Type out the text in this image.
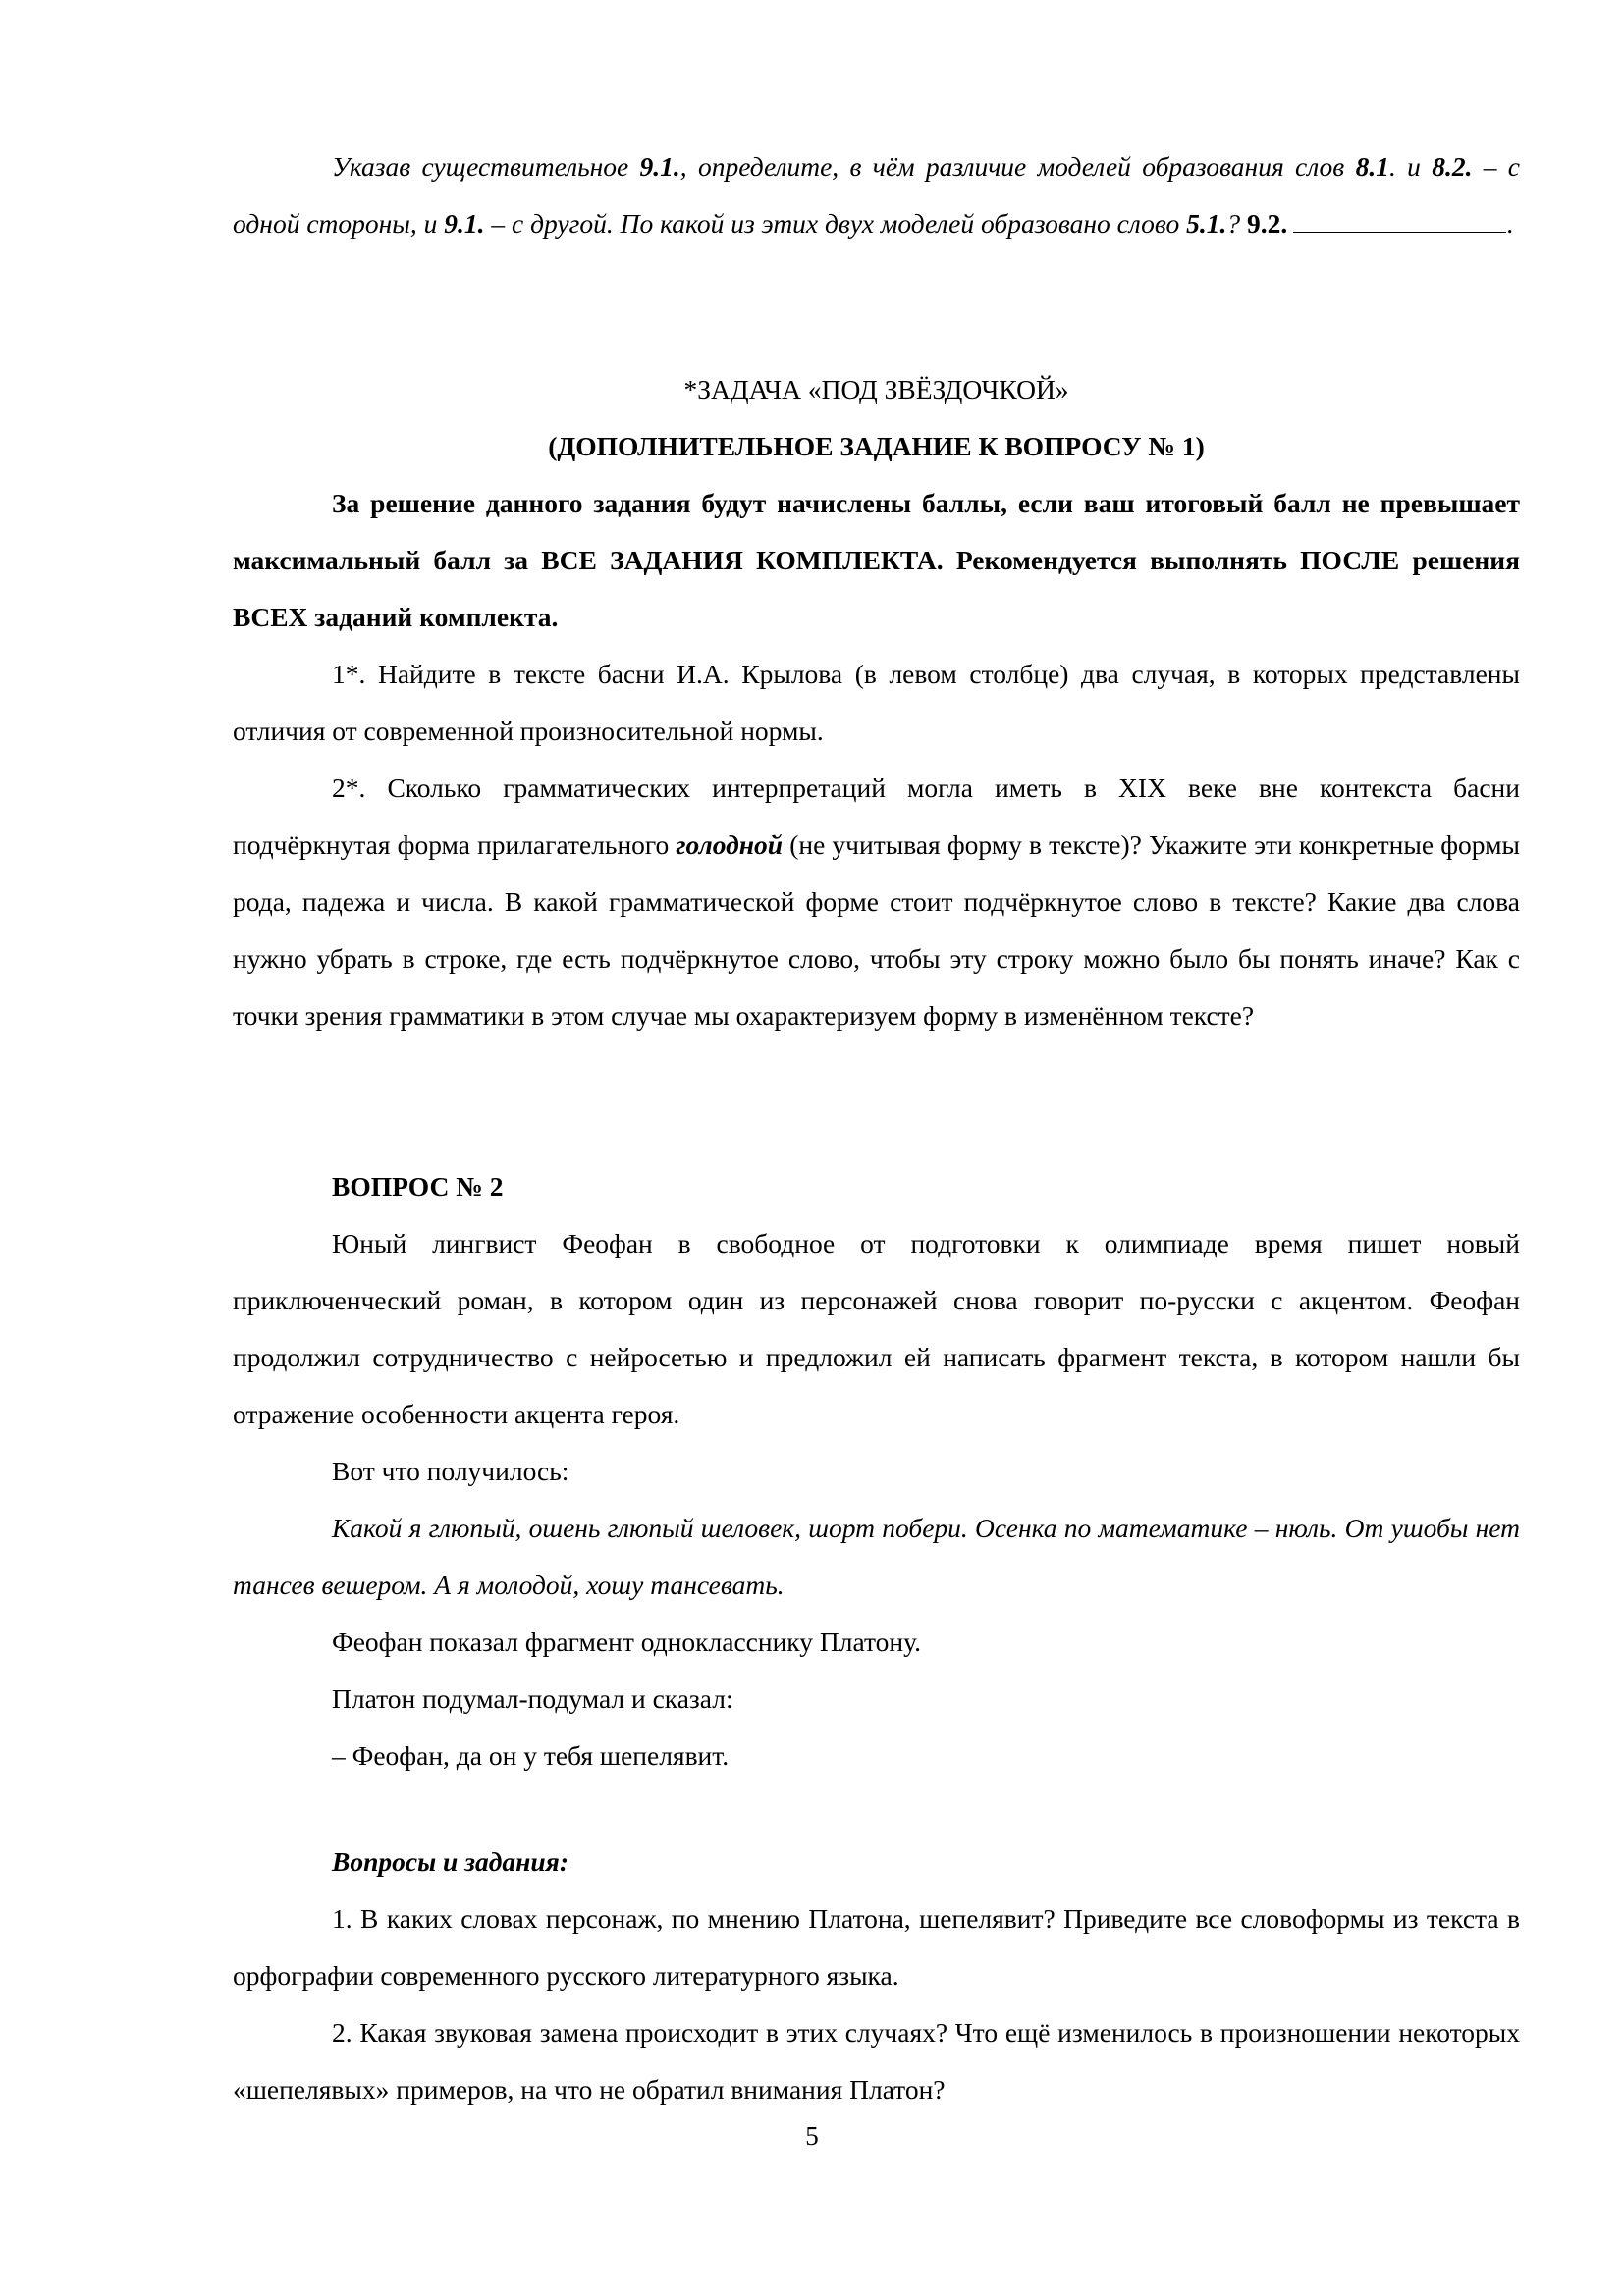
Указав существительное 9.1., определите, в чём различие моделей образования слов 8.1. и 8.2. – с одной стороны, и 9.1. – с другой. По какой из этих двух моделей образовано слово 5.1.? 9.2.	.

*ЗАДАЧА «ПОД ЗВЁЗДОЧКОЙ»

(ДОПОЛНИТЕЛЬНОЕ ЗАДАНИЕ К ВОПРОСУ № 1)

За решение данного задания будут начислены баллы, если ваш итоговый балл не превышает максимальный балл за ВСЕ ЗАДАНИЯ КОМПЛЕКТА. Рекомендуется выполнять ПОСЛЕ решения ВСЕХ заданий комплекта.

1*. Найдите в тексте басни И.А. Крылова (в левом столбце) два случая, в которых представлены отличия от современной произносительной нормы.

2*. Сколько грамматических интерпретаций могла иметь в XIX веке вне контекста басни подчёркнутая форма прилагательного голодной (не учитывая форму в тексте)? Укажите эти конкретные формы рода, падежа и числа. В какой грамматической форме стоит подчёркнутое слово в тексте? Какие два слова нужно убрать в строке, где есть подчёркнутое слово, чтобы эту строку можно было бы понять иначе? Как с точки зрения грамматики в этом случае мы охарактеризуем форму в изменённом тексте?

ВОПРОС № 2

Юный лингвист Феофан в свободное от подготовки к олимпиаде время пишет новый приключенческий роман, в котором один из персонажей снова говорит по-русски с акцентом. Феофан продолжил сотрудничество с нейросетью и предложил ей написать фрагмент текста, в котором нашли бы отражение особенности акцента героя.

Вот что получилось:

Какой я глюпый, ошень глюпый шеловек, шорт побери. Осенка по математике – нюль. От ушобы нет тансев вешером. А я молодой, хошу тансевать.

Феофан показал фрагмент однокласснику Платону.

Платон подумал-подумал и сказал:

– Феофан, да он у тебя шепелявит.

Вопросы и задания:

1. В каких словах персонаж, по мнению Платона, шепелявит? Приведите все словоформы из текста в орфографии современного русского литературного языка.

2. Какая звуковая замена происходит в этих случаях? Что ещё изменилось в произношении некоторых «шепелявых» примеров, на что не обратил внимания Платон?

5
